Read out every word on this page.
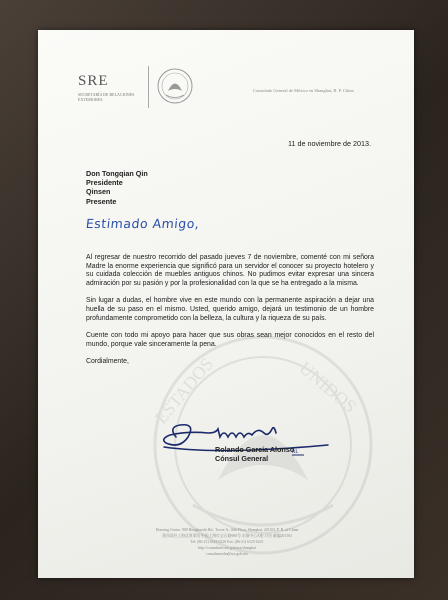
ESTADOS	UNIDOS
SRE
SECRETARÍA DE RELACIONES EXTERIORES
Consulado General de México en Shanghai, R. P. China
11 de noviembre de 2013.
Don Tongqian Qin
Presidente
Qinsen
Presente
Estimado Amigo,

Al regresar de nuestro recorrido del pasado jueves 7 de noviembre, comenté con mi señora Madre la enorme experiencia que significó para un servidor el conocer su proyecto hotelero y su cuidada colección de muebles antiguos chinos. No pudimos evitar expresar una sincera admiración por su pasión y por la profesionalidad con la que se ha entregado a la misma.

Sin lugar a dudas, el hombre vive en este mundo con la permanente aspiración a dejar una huella de su paso en el mismo. Usted, querido amigo, dejará un testimonio de un hombre profundamente comprometido con la belleza, la cultura y la riqueza de su país.

Cuente con todo mi apoyo para hacer que sus obras sean mejor conocidos en el resto del mundo, porque vale sinceramente la pena.

Cordialmente,

RL
Rolando García Alonso
Cónsul General
Donxing Centre, 900 Hongbaoshi Rd., Tower A, 16th Floor, Shanghai, 201103, P. R. of China
墨西哥驻上海总领事馆 中国上海红宝石路900号 东银中心A座 17层 邮编201103
Tel: (86-21) 6125-0220 Fax: (86-21) 6125-0221
http://consulmex.sre.gob.mx/shanghai
consulmexsha@sre.gob.mx
